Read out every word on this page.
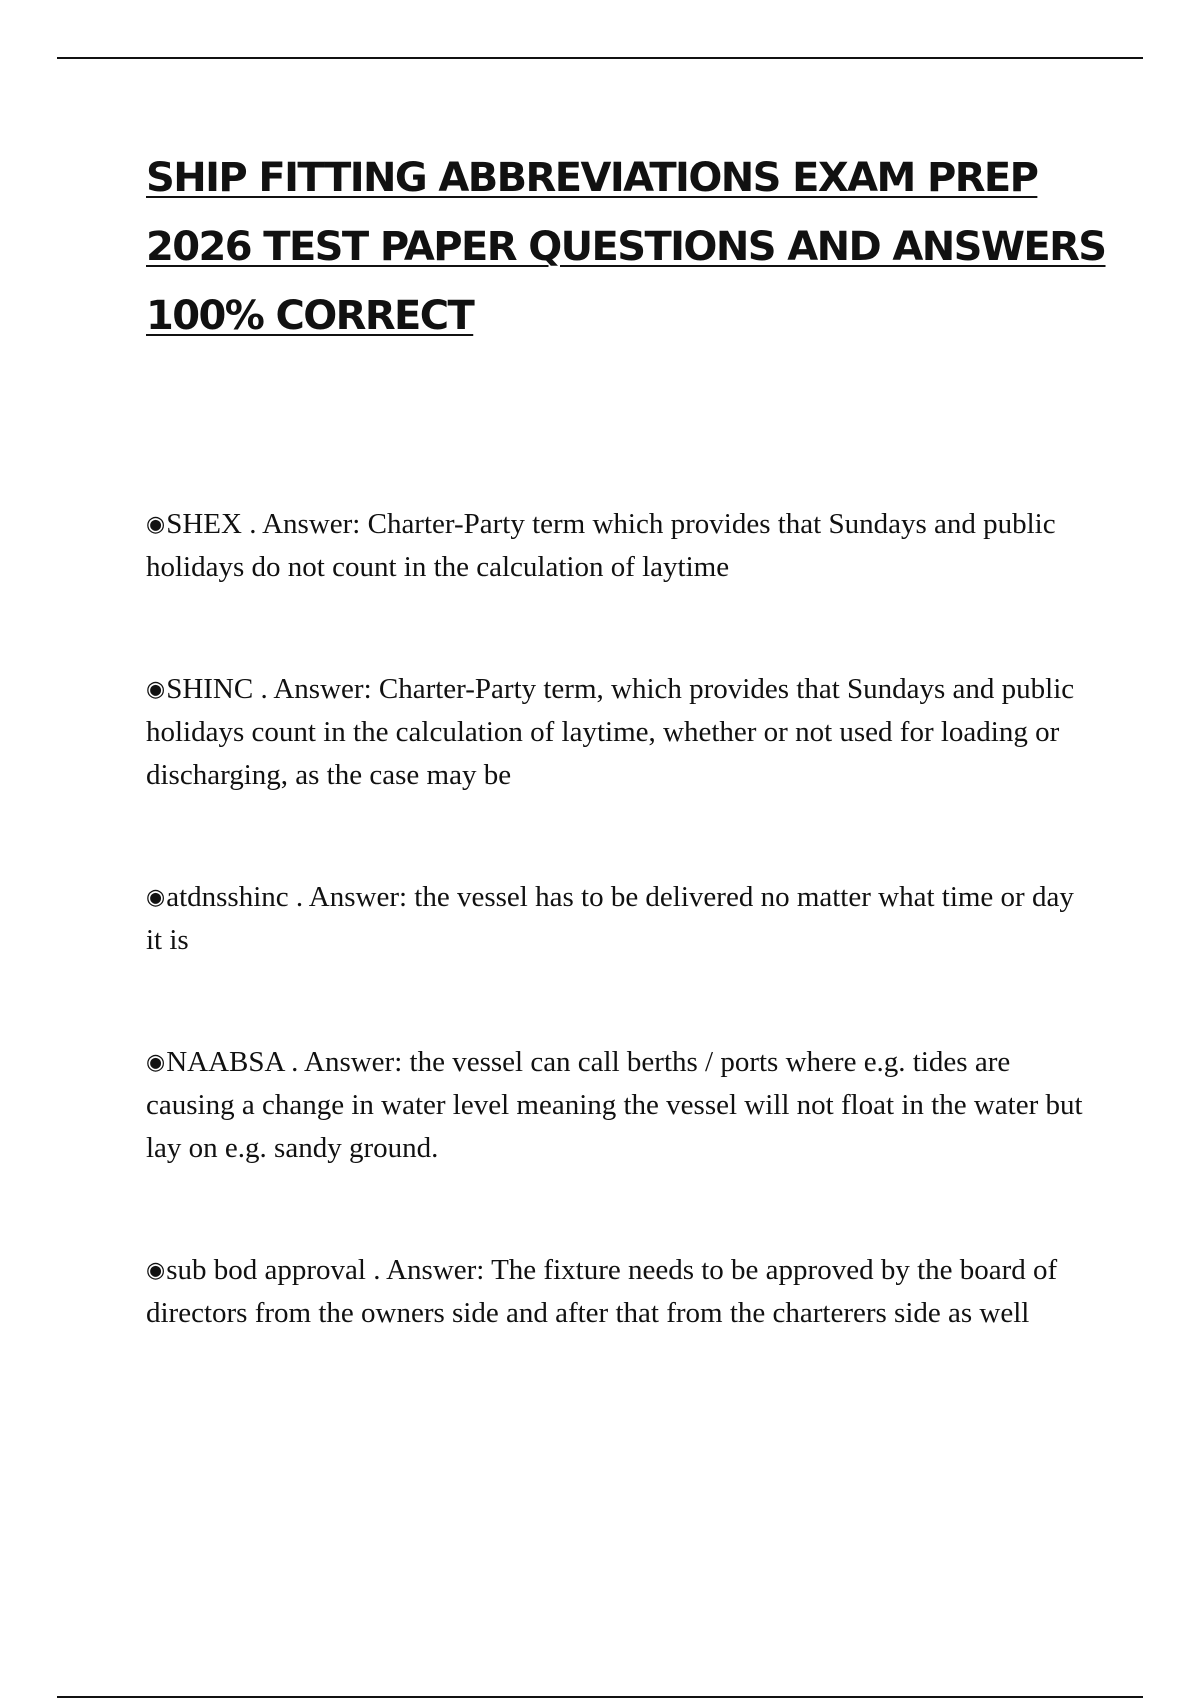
SHIP FITTING ABBREVIATIONS EXAM PREP 2026 TEST PAPER QUESTIONS AND ANSWERS 100% CORRECT
◉SHEX . Answer: Charter-Party term which provides that Sundays and public holidays do not count in the calculation of laytime
◉SHINC . Answer: Charter-Party term, which provides that Sundays and public holidays count in the calculation of laytime, whether or not used for loading or discharging, as the case may be
◉atdnsshinc . Answer: the vessel has to be delivered no matter what time or day it is
◉NAABSA . Answer: the vessel can call berths / ports where e.g. tides are causing a change in water level meaning the vessel will not float in the water but lay on e.g. sandy ground.
◉sub bod approval . Answer: The fixture needs to be approved by the board of directors from the owners side and after that from the charterers side as well
